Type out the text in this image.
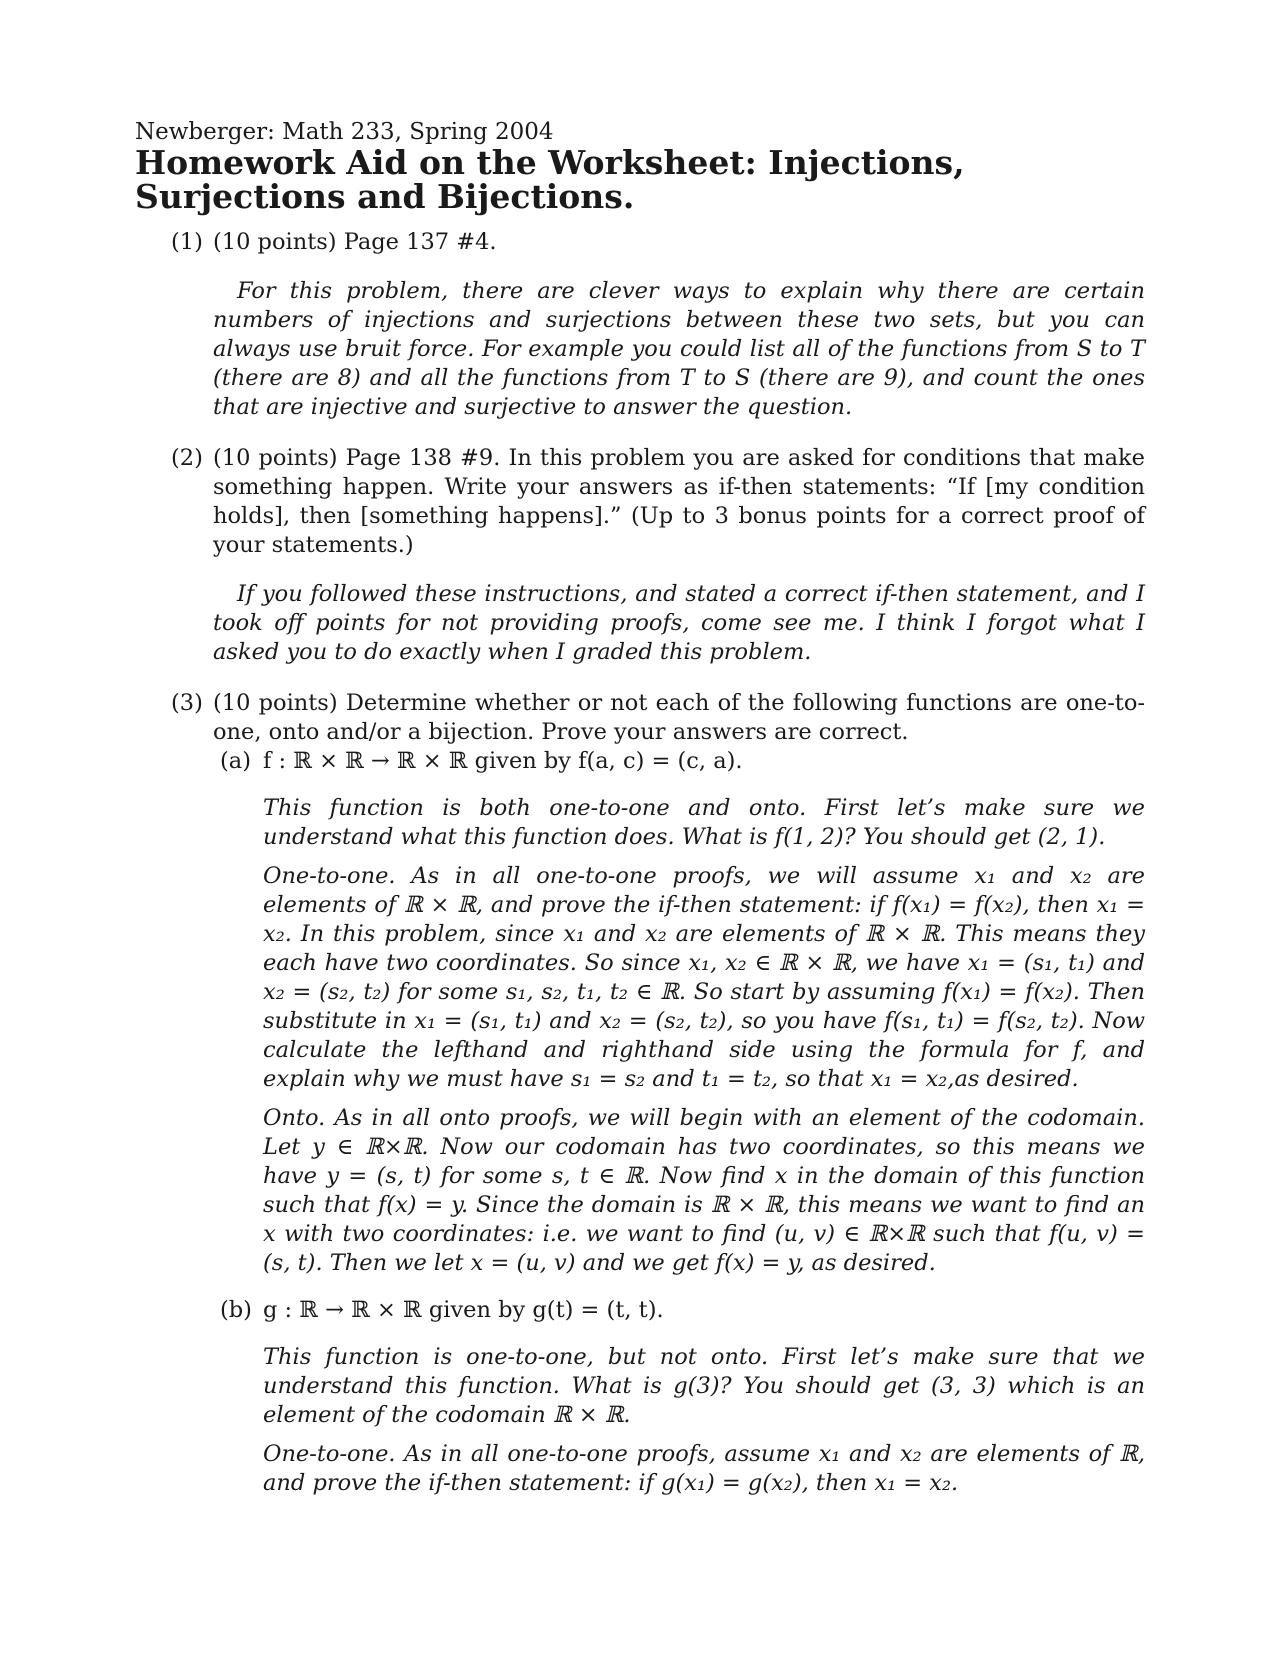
Newberger: Math 233, Spring 2004

Homework Aid on the Worksheet: Injections, Surjections and Bijections.
(1) (10 points) Page 137 #4.

For this problem, there are clever ways to explain why there are certain numbers of injections and surjections between these two sets, but you can always use bruit force. For example you could list all of the functions from S to T (there are 8) and all the functions from T to S (there are 9), and count the ones that are injective and surjective to answer the question.

(2) (10 points) Page 138 #9. In this problem you are asked for conditions that make something happen. Write your answers as if-then statements: “If [my condition holds], then [something happens].” (Up to 3 bonus points for a correct proof of your statements.)

If you followed these instructions, and stated a correct if-then statement, and I took off points for not providing proofs, come see me. I think I forgot what I asked you to do exactly when I graded this problem.

(3) (10 points) Determine whether or not each of the following functions are one-to-one, onto and/or a bijection. Prove your answers are correct.
(a) f : ℝ × ℝ → ℝ × ℝ given by f(a, c) = (c, a).

This function is both one-to-one and onto. First let’s make sure we understand what this function does. What is f(1, 2)? You should get (2, 1).

One-to-one. As in all one-to-one proofs, we will assume x₁ and x₂ are elements of ℝ × ℝ, and prove the if-then statement: if f(x₁) = f(x₂), then x₁ = x₂. In this problem, since x₁ and x₂ are elements of ℝ × ℝ. This means they each have two coordinates. So since x₁, x₂ ∈ ℝ × ℝ, we have x₁ = (s₁, t₁) and x₂ = (s₂, t₂) for some s₁, s₂, t₁, t₂ ∈ ℝ. So start by assuming f(x₁) = f(x₂). Then substitute in x₁ = (s₁, t₁) and x₂ = (s₂, t₂), so you have f(s₁, t₁) = f(s₂, t₂). Now calculate the lefthand and righthand side using the formula for f, and explain why we must have s₁ = s₂ and t₁ = t₂, so that x₁ = x₂,as desired.

Onto. As in all onto proofs, we will begin with an element of the codomain. Let y ∈ ℝ×ℝ. Now our codomain has two coordinates, so this means we have y = (s, t) for some s, t ∈ ℝ. Now find x in the domain of this function such that f(x) = y. Since the domain is ℝ × ℝ, this means we want to find an x with two coordinates: i.e. we want to find (u, v) ∈ ℝ×ℝ such that f(u, v) = (s, t). Then we let x = (u, v) and we get f(x) = y, as desired.

(b) g : ℝ → ℝ × ℝ given by g(t) = (t, t).

This function is one-to-one, but not onto. First let’s make sure that we understand this function. What is g(3)? You should get (3, 3) which is an element of the codomain ℝ × ℝ.

One-to-one. As in all one-to-one proofs, assume x₁ and x₂ are elements of ℝ, and prove the if-then statement: if g(x₁) = g(x₂), then x₁ = x₂.
